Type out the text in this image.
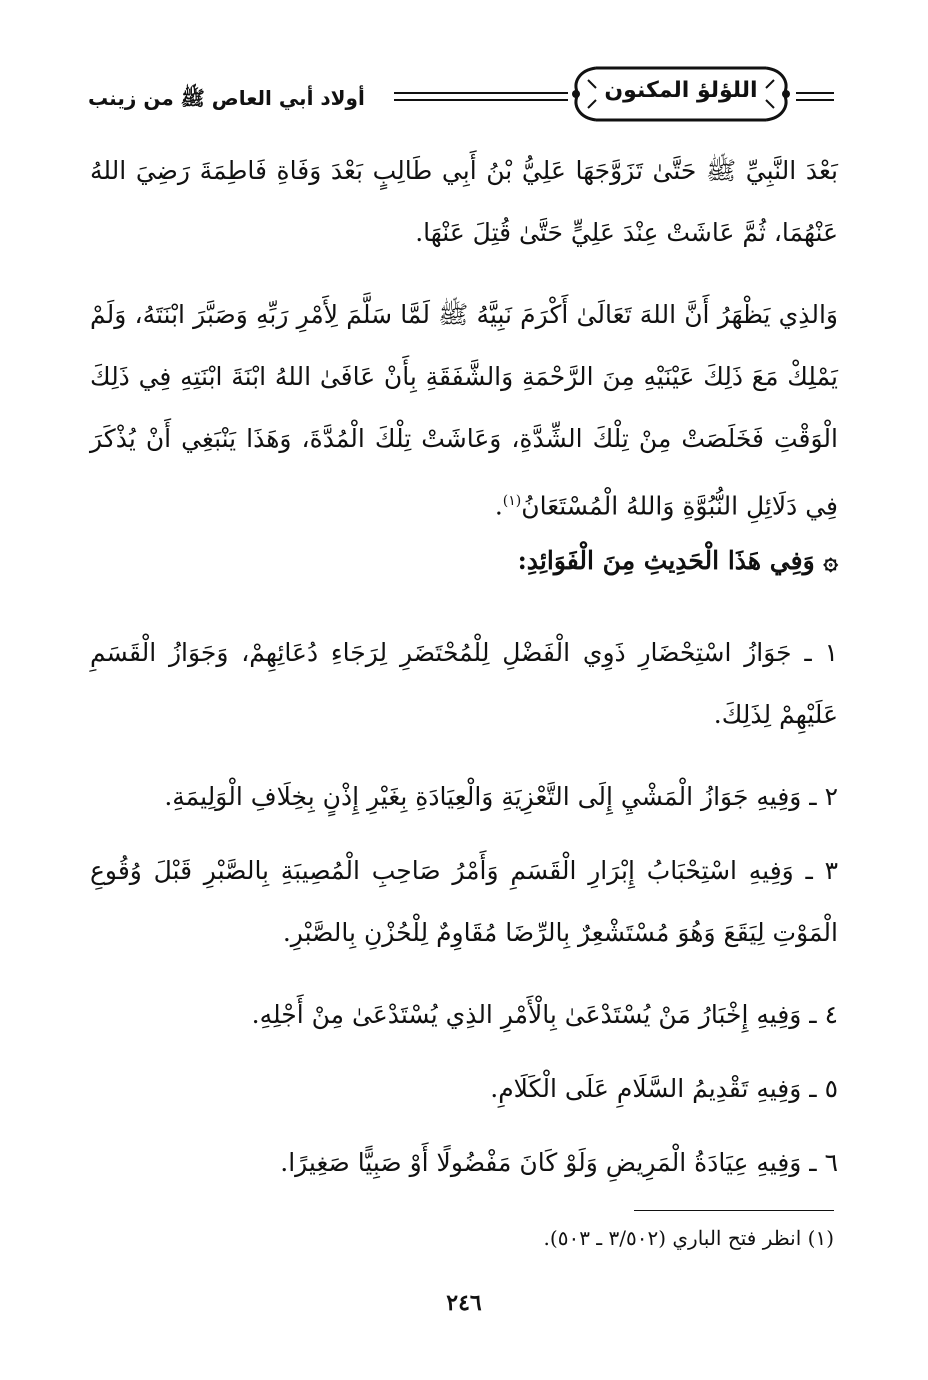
أولاد أبي العاص ﷺ من زينب	اللؤلؤ المكنون
بَعْدَ النَّبِيِّ ﷺ حَتَّىٰ تَزَوَّجَهَا عَلِيُّ بْنُ أَبِي طَالِبٍ بَعْدَ وَفَاةِ فَاطِمَةَ رَضِيَ اللهُ عَنْهُمَا، ثُمَّ عَاشَتْ عِنْدَ عَلِيٍّ حَتَّىٰ قُتِلَ عَنْهَا.
وَالذِي يَظْهَرُ أَنَّ اللهَ تَعَالَىٰ أَكْرَمَ نَبِيَّهُ ﷺ لَمَّا سَلَّمَ لِأَمْرِ رَبِّهِ وَصَبَّرَ ابْنَتَهُ، وَلَمْ يَمْلِكْ مَعَ ذَلِكَ عَيْنَيْهِ مِنَ الرَّحْمَةِ وَالشَّفَقَةِ بِأَنْ عَافَىٰ اللهُ ابْنَةَ ابْنَتِهِ فِي ذَلِكَ الْوَقْتِ فَخَلَصَتْ مِنْ تِلْكَ الشِّدَّةِ، وَعَاشَتْ تِلْكَ الْمُدَّةَ، وَهَذَا يَنْبَغِي أَنْ يُذْكَرَ فِي دَلَائِلِ النُّبُوَّةِ وَاللهُ الْمُسْتَعَانُ$^{(١)}$.
۞ وَفِي هَذَا الْحَدِيثِ مِنَ الْفَوَائِدِ:
١ ـ جَوَازُ اسْتِحْضَارِ ذَوِي الْفَضْلِ لِلْمُحْتَضَرِ لِرَجَاءِ دُعَائِهِمْ، وَجَوَازُ الْقَسَمِ عَلَيْهِمْ لِذَلِكَ.
٢ ـ وَفِيهِ جَوَازُ الْمَشْيِ إِلَى التَّعْزِيَةِ وَالْعِيَادَةِ بِغَيْرِ إِذْنٍ بِخِلَافِ الْوَلِيمَةِ.
٣ ـ وَفِيهِ اسْتِحْبَابُ إِبْرَارِ الْقَسَمِ وَأَمْرُ صَاحِبِ الْمُصِيبَةِ بِالصَّبْرِ قَبْلَ وُقُوعِ الْمَوْتِ لِيَقَعَ وَهُوَ مُسْتَشْعِرٌ بِالرِّضَا مُقَاوِمٌ لِلْحُزْنِ بِالصَّبْرِ.
٤ ـ وَفِيهِ إِخْبَارُ مَنْ يُسْتَدْعَىٰ بِالْأَمْرِ الذِي يُسْتَدْعَىٰ مِنْ أَجْلِهِ.
٥ ـ وَفِيهِ تَقْدِيمُ السَّلَامِ عَلَى الْكَلَامِ.
٦ ـ وَفِيهِ عِيَادَةُ الْمَرِيضِ وَلَوْ كَانَ مَفْضُولًا أَوْ صَبِيًّا صَغِيرًا.
(١) انظر فتح الباري (٣/٥٠٢ ـ ٥٠٣).
٢٤٦
